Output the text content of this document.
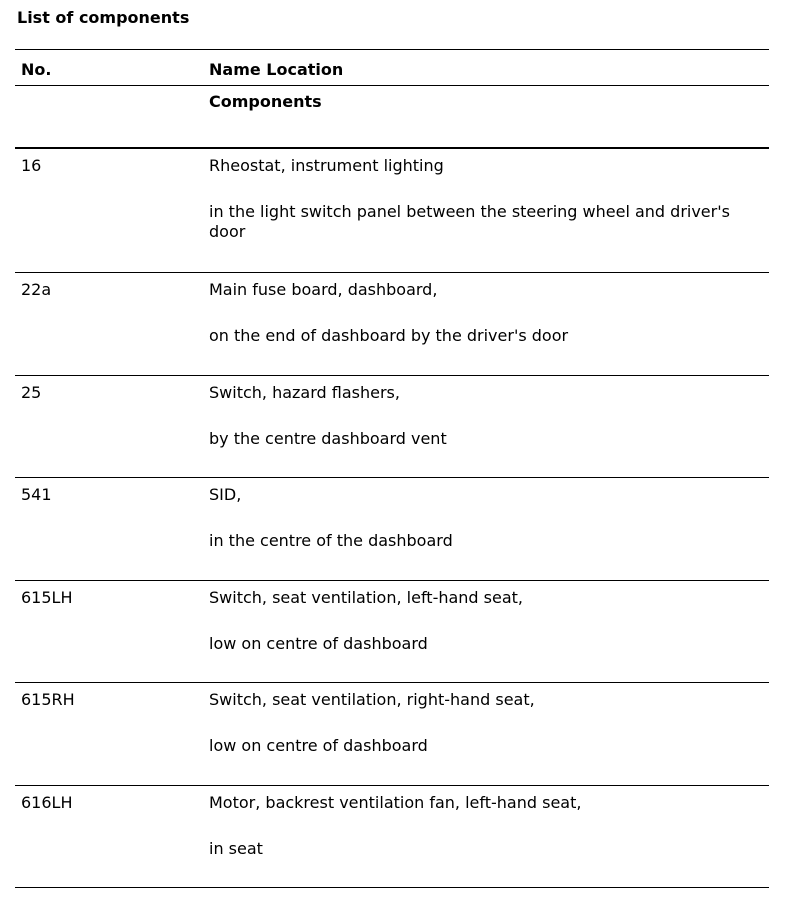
List of components
No.	Name Location
Components
16	Rheostat, instrument lighting
in the light switch panel between the steering wheel and driver's door
22a	Main fuse board, dashboard,
on the end of dashboard by the driver's door
25	Switch, hazard flashers,
by the centre dashboard vent
541	SID,
in the centre of the dashboard
615LH	Switch, seat ventilation, left-hand seat,
low on centre of dashboard
615RH	Switch, seat ventilation, right-hand seat,
low on centre of dashboard
616LH	Motor, backrest ventilation fan, left-hand seat,
in seat
